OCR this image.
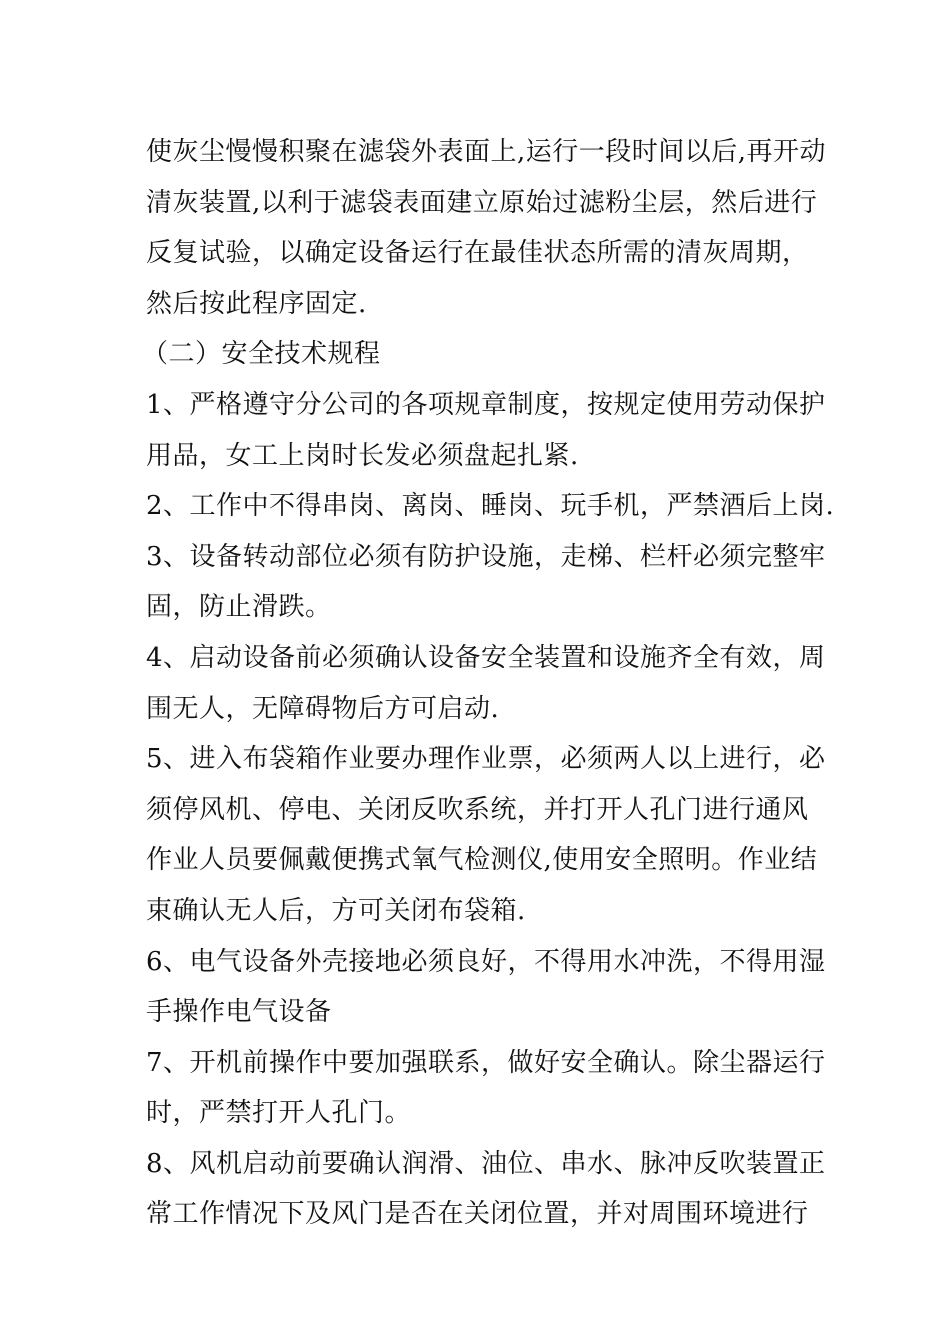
使灰尘慢慢积聚在滤袋外表面上,运行一段时间以后,再开动
清灰装置,以利于滤袋表面建立原始过滤粉尘层，然后进行
反复试验，以确定设备运行在最佳状态所需的清灰周期，
然后按此程序固定.
（二）安全技术规程
1、严格遵守分公司的各项规章制度，按规定使用劳动保护
用品，女工上岗时长发必须盘起扎紧.
2、工作中不得串岗、离岗、睡岗、玩手机，严禁酒后上岗.
3、设备转动部位必须有防护设施，走梯、栏杆必须完整牢
固，防止滑跌。
4、启动设备前必须确认设备安全装置和设施齐全有效，周
围无人，无障碍物后方可启动.
5、进入布袋箱作业要办理作业票，必须两人以上进行，必
须停风机、停电、关闭反吹系统，并打开人孔门进行通风
作业人员要佩戴便携式氧气检测仪,使用安全照明。作业结
束确认无人后，方可关闭布袋箱.
6、电气设备外壳接地必须良好，不得用水冲洗，不得用湿
手操作电气设备
7、开机前操作中要加强联系，做好安全确认。除尘器运行
时，严禁打开人孔门。
8、风机启动前要确认润滑、油位、串水、脉冲反吹装置正
常工作情况下及风门是否在关闭位置，并对周围环境进行
